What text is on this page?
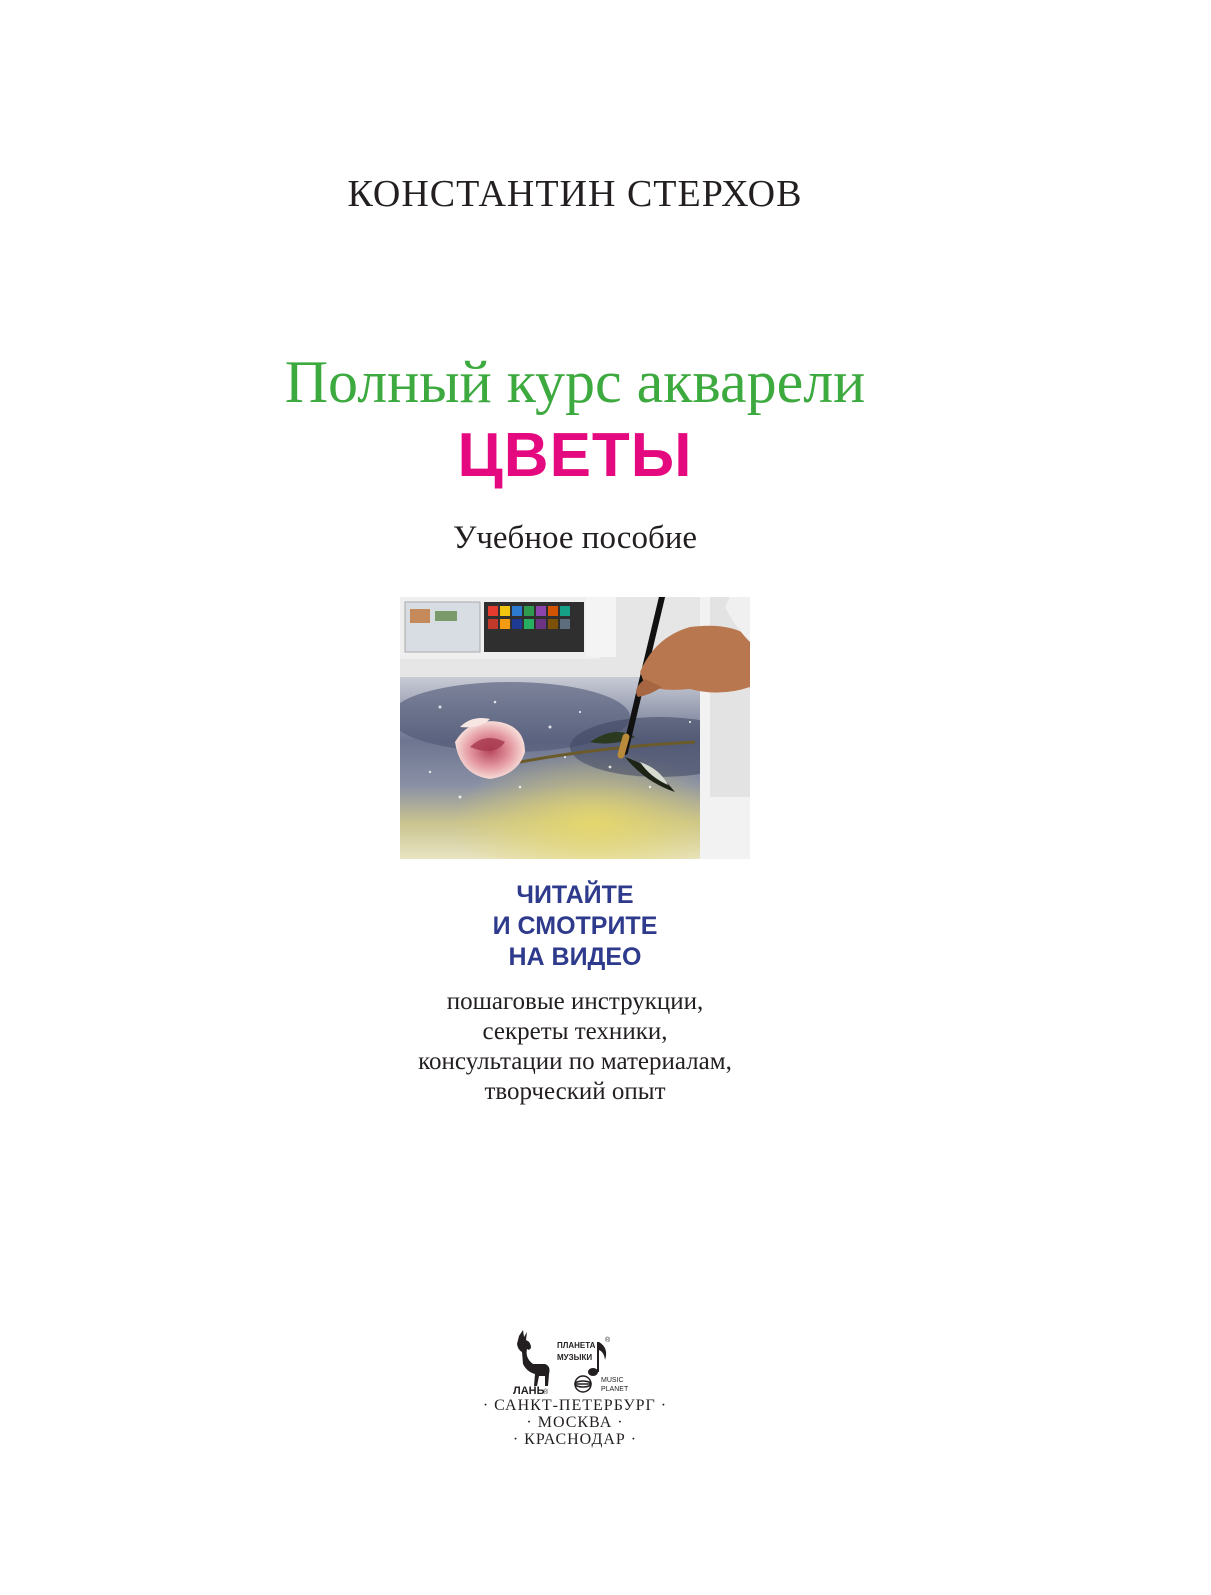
КОНСТАНТИН СТЕРХОВ
Полный курс акварели
ЦВЕТЫ
Учебное пособие
ЧИТАЙТЕ
И СМОТРИТЕ
НА ВИДЕО
пошаговые инструкции,
секреты техники,
консультации по материалам,
творческий опыт
ЛАНЬ
®
ПЛАНЕТА
МУЗЫКИ
®
MUSIC
PLANET
· САНКТ-ПЕТЕРБУРГ ·
· МОСКВА ·
· КРАСНОДАР ·
